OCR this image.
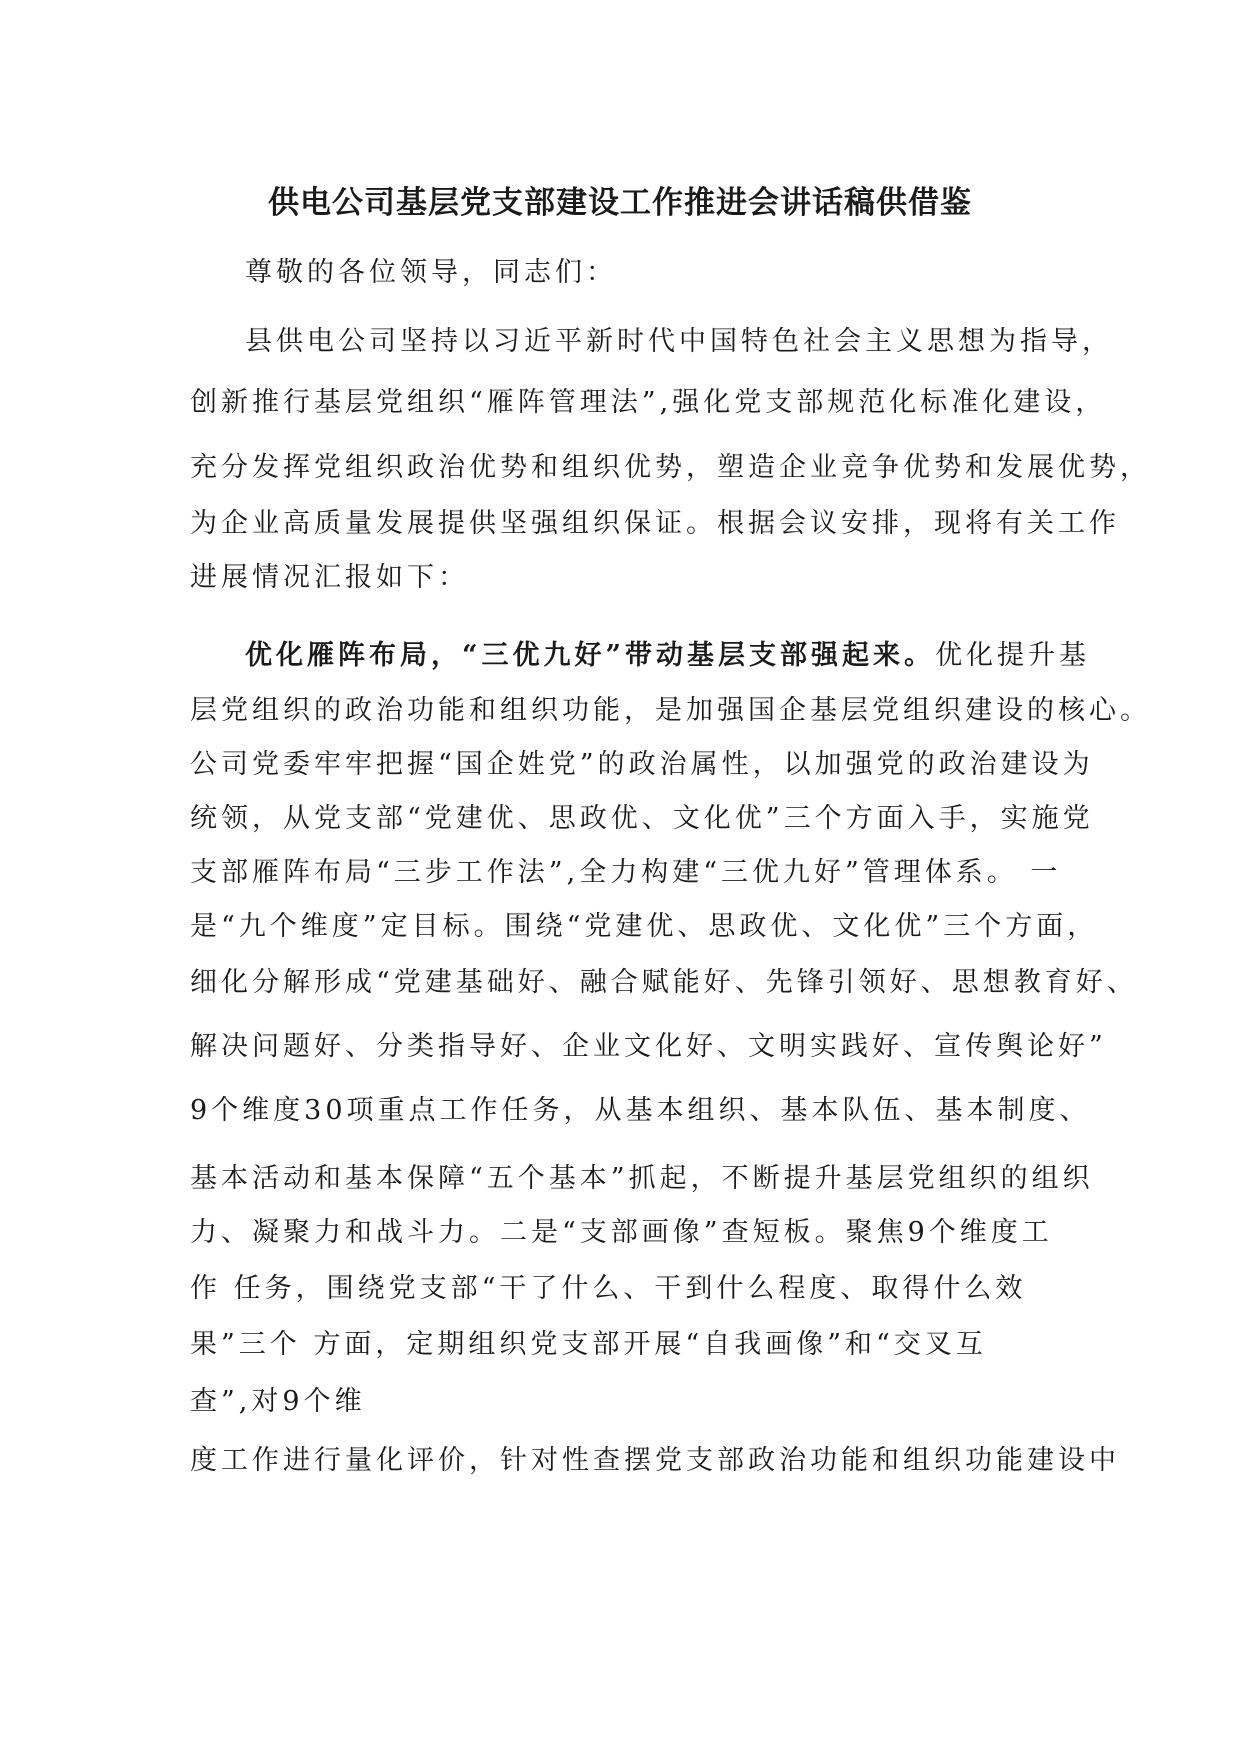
供电公司基层党支部建设工作推进会讲话稿供借鉴
尊敬的各位领导，同志们：
县供电公司坚持以习近平新时代中国特色社会主义思想为指导，
创新推行基层党组织“雁阵管理法”,强化党支部规范化标准化建设，
充分发挥党组织政治优势和组织优势，塑造企业竞争优势和发展优势，
为企业高质量发展提供坚强组织保证。根据会议安排，现将有关工作
进展情况汇报如下：
优化雁阵布局，“三优九好”带动基层支部强起来。优化提升基
层党组织的政治功能和组织功能，是加强国企基层党组织建设的核心。
公司党委牢牢把握“国企姓党”的政治属性，以加强党的政治建设为
统领，从党支部“党建优、思政优、文化优”三个方面入手，实施党
支部雁阵布局“三步工作法”,全力构建“三优九好”管理体系。 一
是“九个维度”定目标。围绕“党建优、思政优、文化优”三个方面，
细化分解形成“党建基础好、融合赋能好、先锋引领好、思想教育好、
解决问题好、分类指导好、企业文化好、文明实践好、宣传舆论好”
9个维度30项重点工作任务，从基本组织、基本队伍、基本制度、
基本活动和基本保障“五个基本”抓起，不断提升基层党组织的组织
力、凝聚力和战斗力。二是“支部画像”查短板。聚焦9个维度工
作 任务，围绕党支部“干了什么、干到什么程度、取得什么效
果”三个 方面，定期组织党支部开展“自我画像”和“交叉互
查”,对9个维
度工作进行量化评价，针对性查摆党支部政治功能和组织功能建设中
